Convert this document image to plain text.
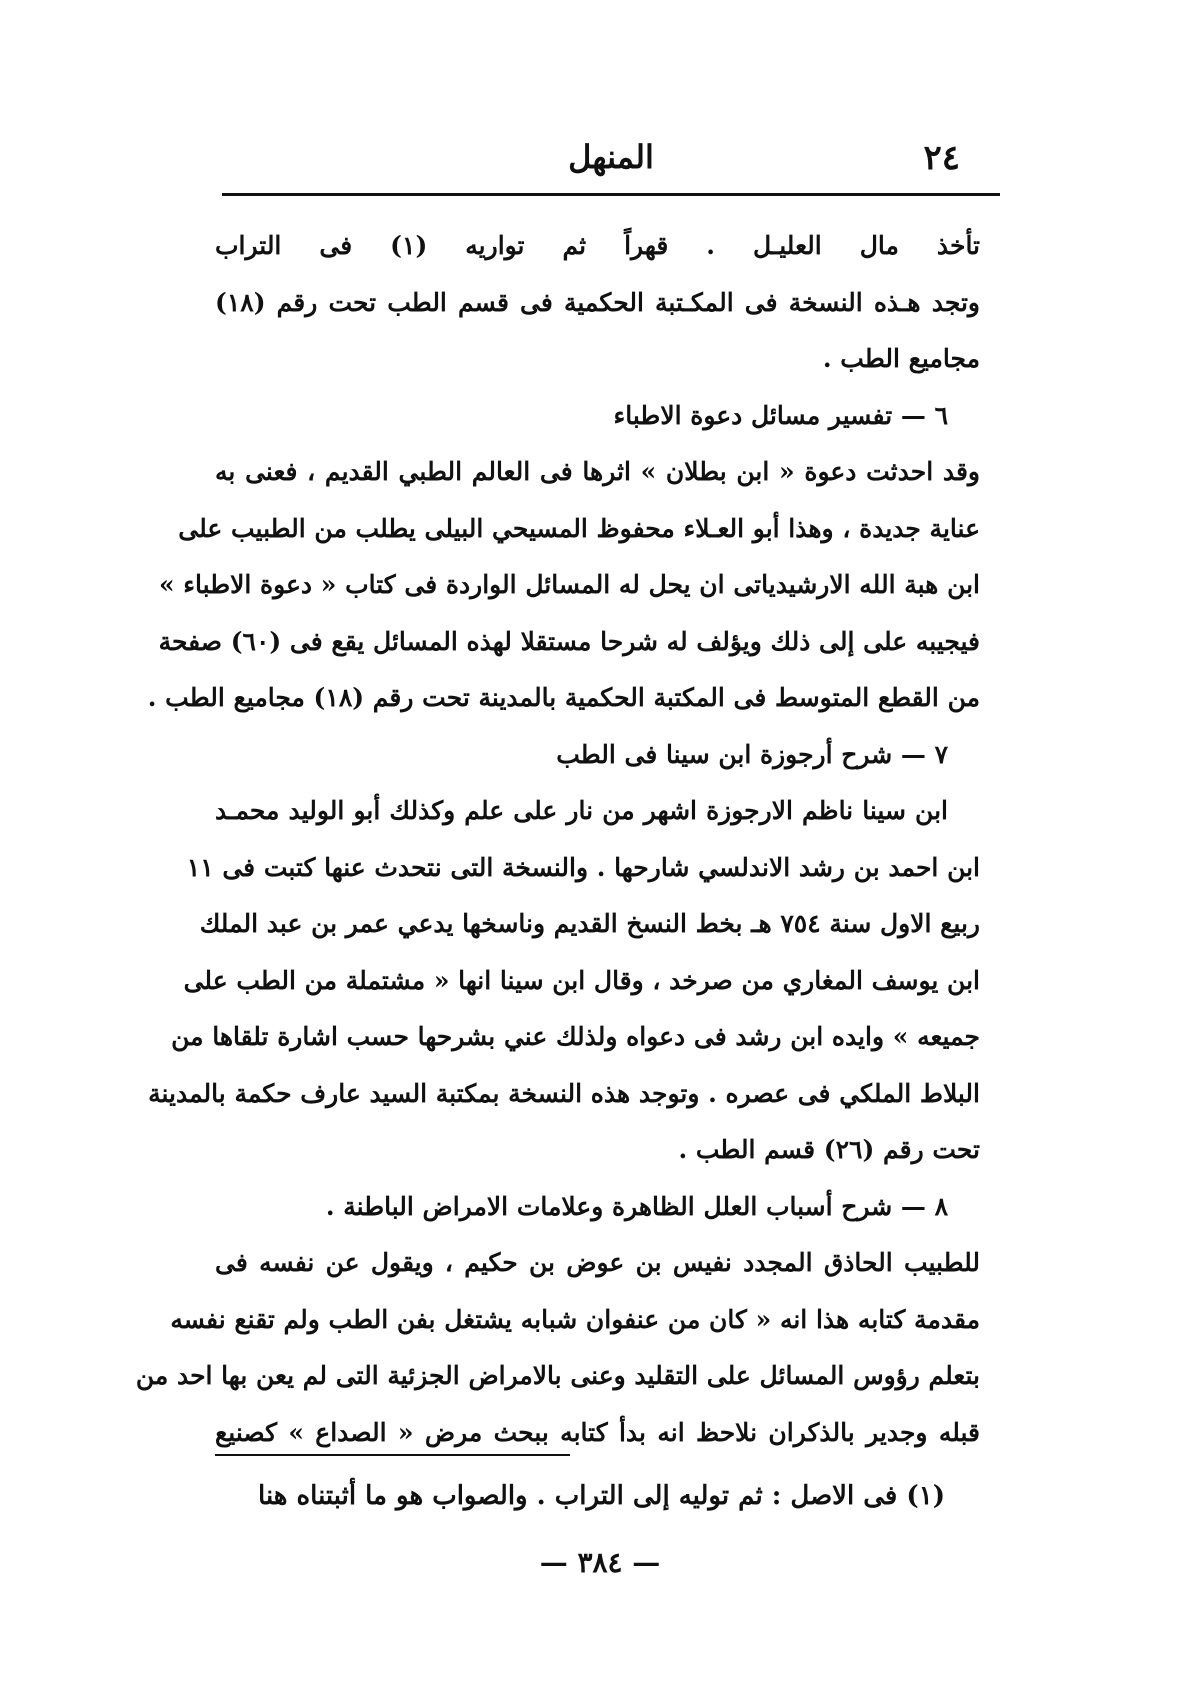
٢٤
المنهل
تأخذ مال العليـل . قهراً ثم تواريه (١) فى التراب
وتجد هـذه النسخة فى المكـتبة الحكمية فى قسم الطب تحت رقم (١٨)
مجاميع الطب .
٦ — تفسير مسائل دعوة الاطباء
وقد احدثت دعوة « ابن بطلان » اثرها فى العالم الطبي القديم ، فعنى به
عناية جديدة ، وهذا أبو العـلاء محفوظ المسيحي البيلى يطلب من الطبيب على
ابن هبة الله الارشيدياتى ان يحل له المسائل الواردة فى كتاب « دعوة الاطباء »
فيجيبه على إلى ذلك ويؤلف له شرحا مستقلا لهذه المسائل يقع فى (٦٠) صفحة
من القطع المتوسط فى المكتبة الحكمية بالمدينة تحت رقم (١٨) مجاميع الطب .
٧ — شرح أرجوزة ابن سينا فى الطب
ابن سينا ناظم الارجوزة اشهر من نار على علم وكذلك أبو الوليد محمـد
ابن احمد بن رشد الاندلسي شارحها . والنسخة التى نتحدث عنها كتبت فى ١١
ربيع الاول سنة ٧٥٤ هـ بخط النسخ القديم وناسخها يدعي عمر بن عبد الملك
ابن يوسف المغاري من صرخد ، وقال ابن سينا انها « مشتملة من الطب على
جميعه » وايده ابن رشد فى دعواه ولذلك عني بشرحها حسب اشارة تلقاها من
البلاط الملكي فى عصره . وتوجد هذه النسخة بمكتبة السيد عارف حكمة بالمدينة
تحت رقم (٢٦) قسم الطب .
٨ — شرح أسباب العلل الظاهرة وعلامات الامراض الباطنة .
للطبيب الحاذق المجدد نفيس بن عوض بن حكيم ، ويقول عن نفسه فى
مقدمة كتابه هذا انه « كان من عنفوان شبابه يشتغل بفن الطب ولم تقنع نفسه
بتعلم رؤوس المسائل على التقليد وعنى بالامراض الجزئية التى لم يعن بها احد من
قبله وجدير بالذكران نلاحظ انه بدأ كتابه ببحث مرض « الصداع » كصنيع
(١) فى الاصل : ثم توليه إلى التراب . والصواب هو ما أثبتناه هنا
— ٣٨٤ —
